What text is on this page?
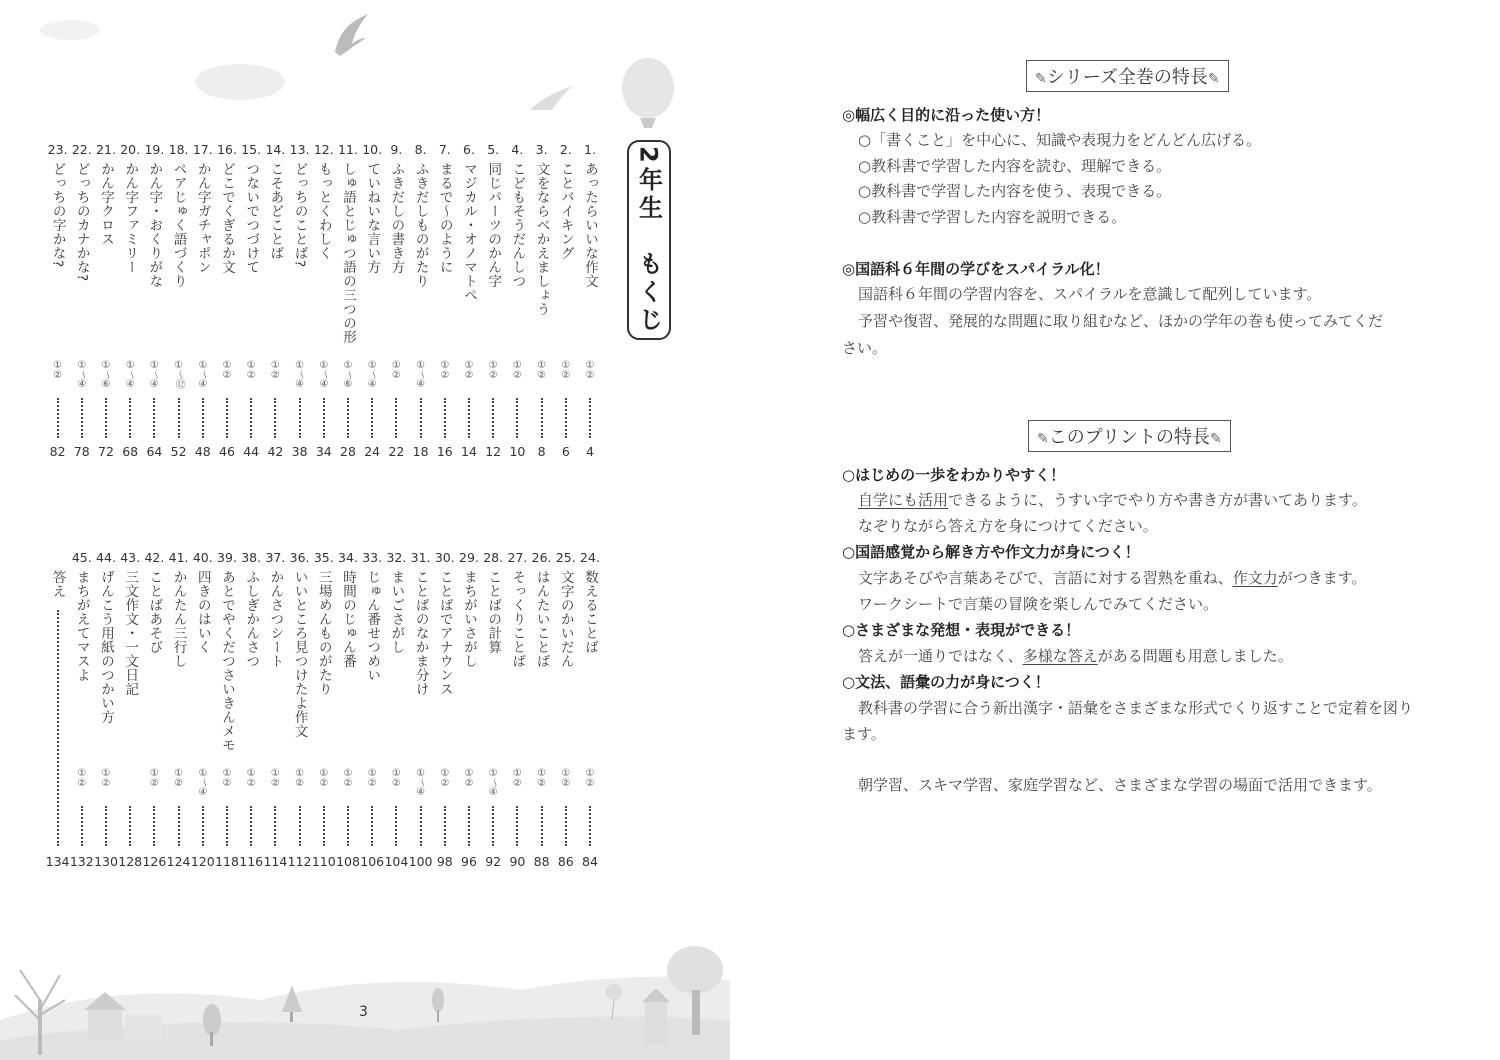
2年生　もくじ
1.
あったらいいな作文
①②
4
2.
ことバイキング
①②
6
3.
文をならべかえましょう
①②
8
4.
こどもそうだんしつ
①②
10
5.
同じパーツのかん字
①②
12
6.
マジカル・オノマトペ
①②
14
7.
まるで～のように
①②
16
8.
ふきだしものがたり
①～④
18
9.
ふきだしの書き方
①②
22
10.
ていねいな言い方
①～④
24
11.
しゅ語とじゅつ語の三つの形
①～⑥
28
12.
もっとくわしく
①～④
34
13.
どっちのことば?
①～④
38
14.
こそあどことば
①②
42
15.
つないでつづけて
①②
44
16.
どこでくぎるか文
①②
46
17.
かん字ガチャポン
①～④
48
18.
ペアじゅく語づくり
①～⑫
52
19.
かん字・おくりがな
①～④
64
20.
かん字ファミリー
①～④
68
21.
かん字クロス
①～⑥
72
22.
どっちのカナかな?
①～④
78
23.
どっちの字かな?
①②
82
24.
数えることば
①②
84
25.
文字のかいだん
①②
86
26.
はんたいことば
①②
88
27.
そっくりことば
①②
90
28.
ことばの計算
①～④
92
29.
まちがいさがし
①②
96
30.
ことばでアナウンス
①②
98
31.
ことばのなかま分け
①～④
100
32.
まいごさがし
①②
104
33.
じゅん番せつめい
①②
106
34.
時間のじゅん番
①②
108
35.
三場めんものがたり
①②
110
36.
いいところ見つけたよ作文
①②
112
37.
かんさつシート
①②
114
38.
ふしぎかんさつ
①②
116
39.
あとでやくだつさいきんメモ
①②
118
40.
四きのはいく
①～④
120
41.
かんたん三行し
①②
124
42.
ことばあそび
①②
126
43.
三文作文・一文日記
128
44.
げんこう用紙のつかい方
①②
130
45.
まちがえてマスよ
①②
132
答え
134
3
✎シリーズ全巻の特長✎
◎幅広く目的に沿った使い方！
○「書くこと」を中心に、知識や表現力をどんどん広げる。
○教科書で学習した内容を読む、理解できる。
○教科書で学習した内容を使う、表現できる。
○教科書で学習した内容を説明できる。
◎国語科６年間の学びをスパイラル化！
国語科６年間の学習内容を、スパイラルを意識して配列しています。
予習や復習、発展的な問題に取り組むなど、ほかの学年の巻も使ってみてくだ
さい。
✎このプリントの特長✎
○はじめの一歩をわかりやすく！
自学にも活用できるように、うすい字でやり方や書き方が書いてあります。
なぞりながら答え方を身につけてください。
○国語感覚から解き方や作文力が身につく！
文字あそびや言葉あそびで、言語に対する習熟を重ね、作文力がつきます。
ワークシートで言葉の冒険を楽しんでみてください。
○さまざまな発想・表現ができる！
答えが一通りではなく、多様な答えがある問題も用意しました。
○文法、語彙の力が身につく！
教科書の学習に合う新出漢字・語彙をさまざまな形式でくり返すことで定着を図り
ます。
朝学習、スキマ学習、家庭学習など、さまざまな学習の場面で活用できます。
